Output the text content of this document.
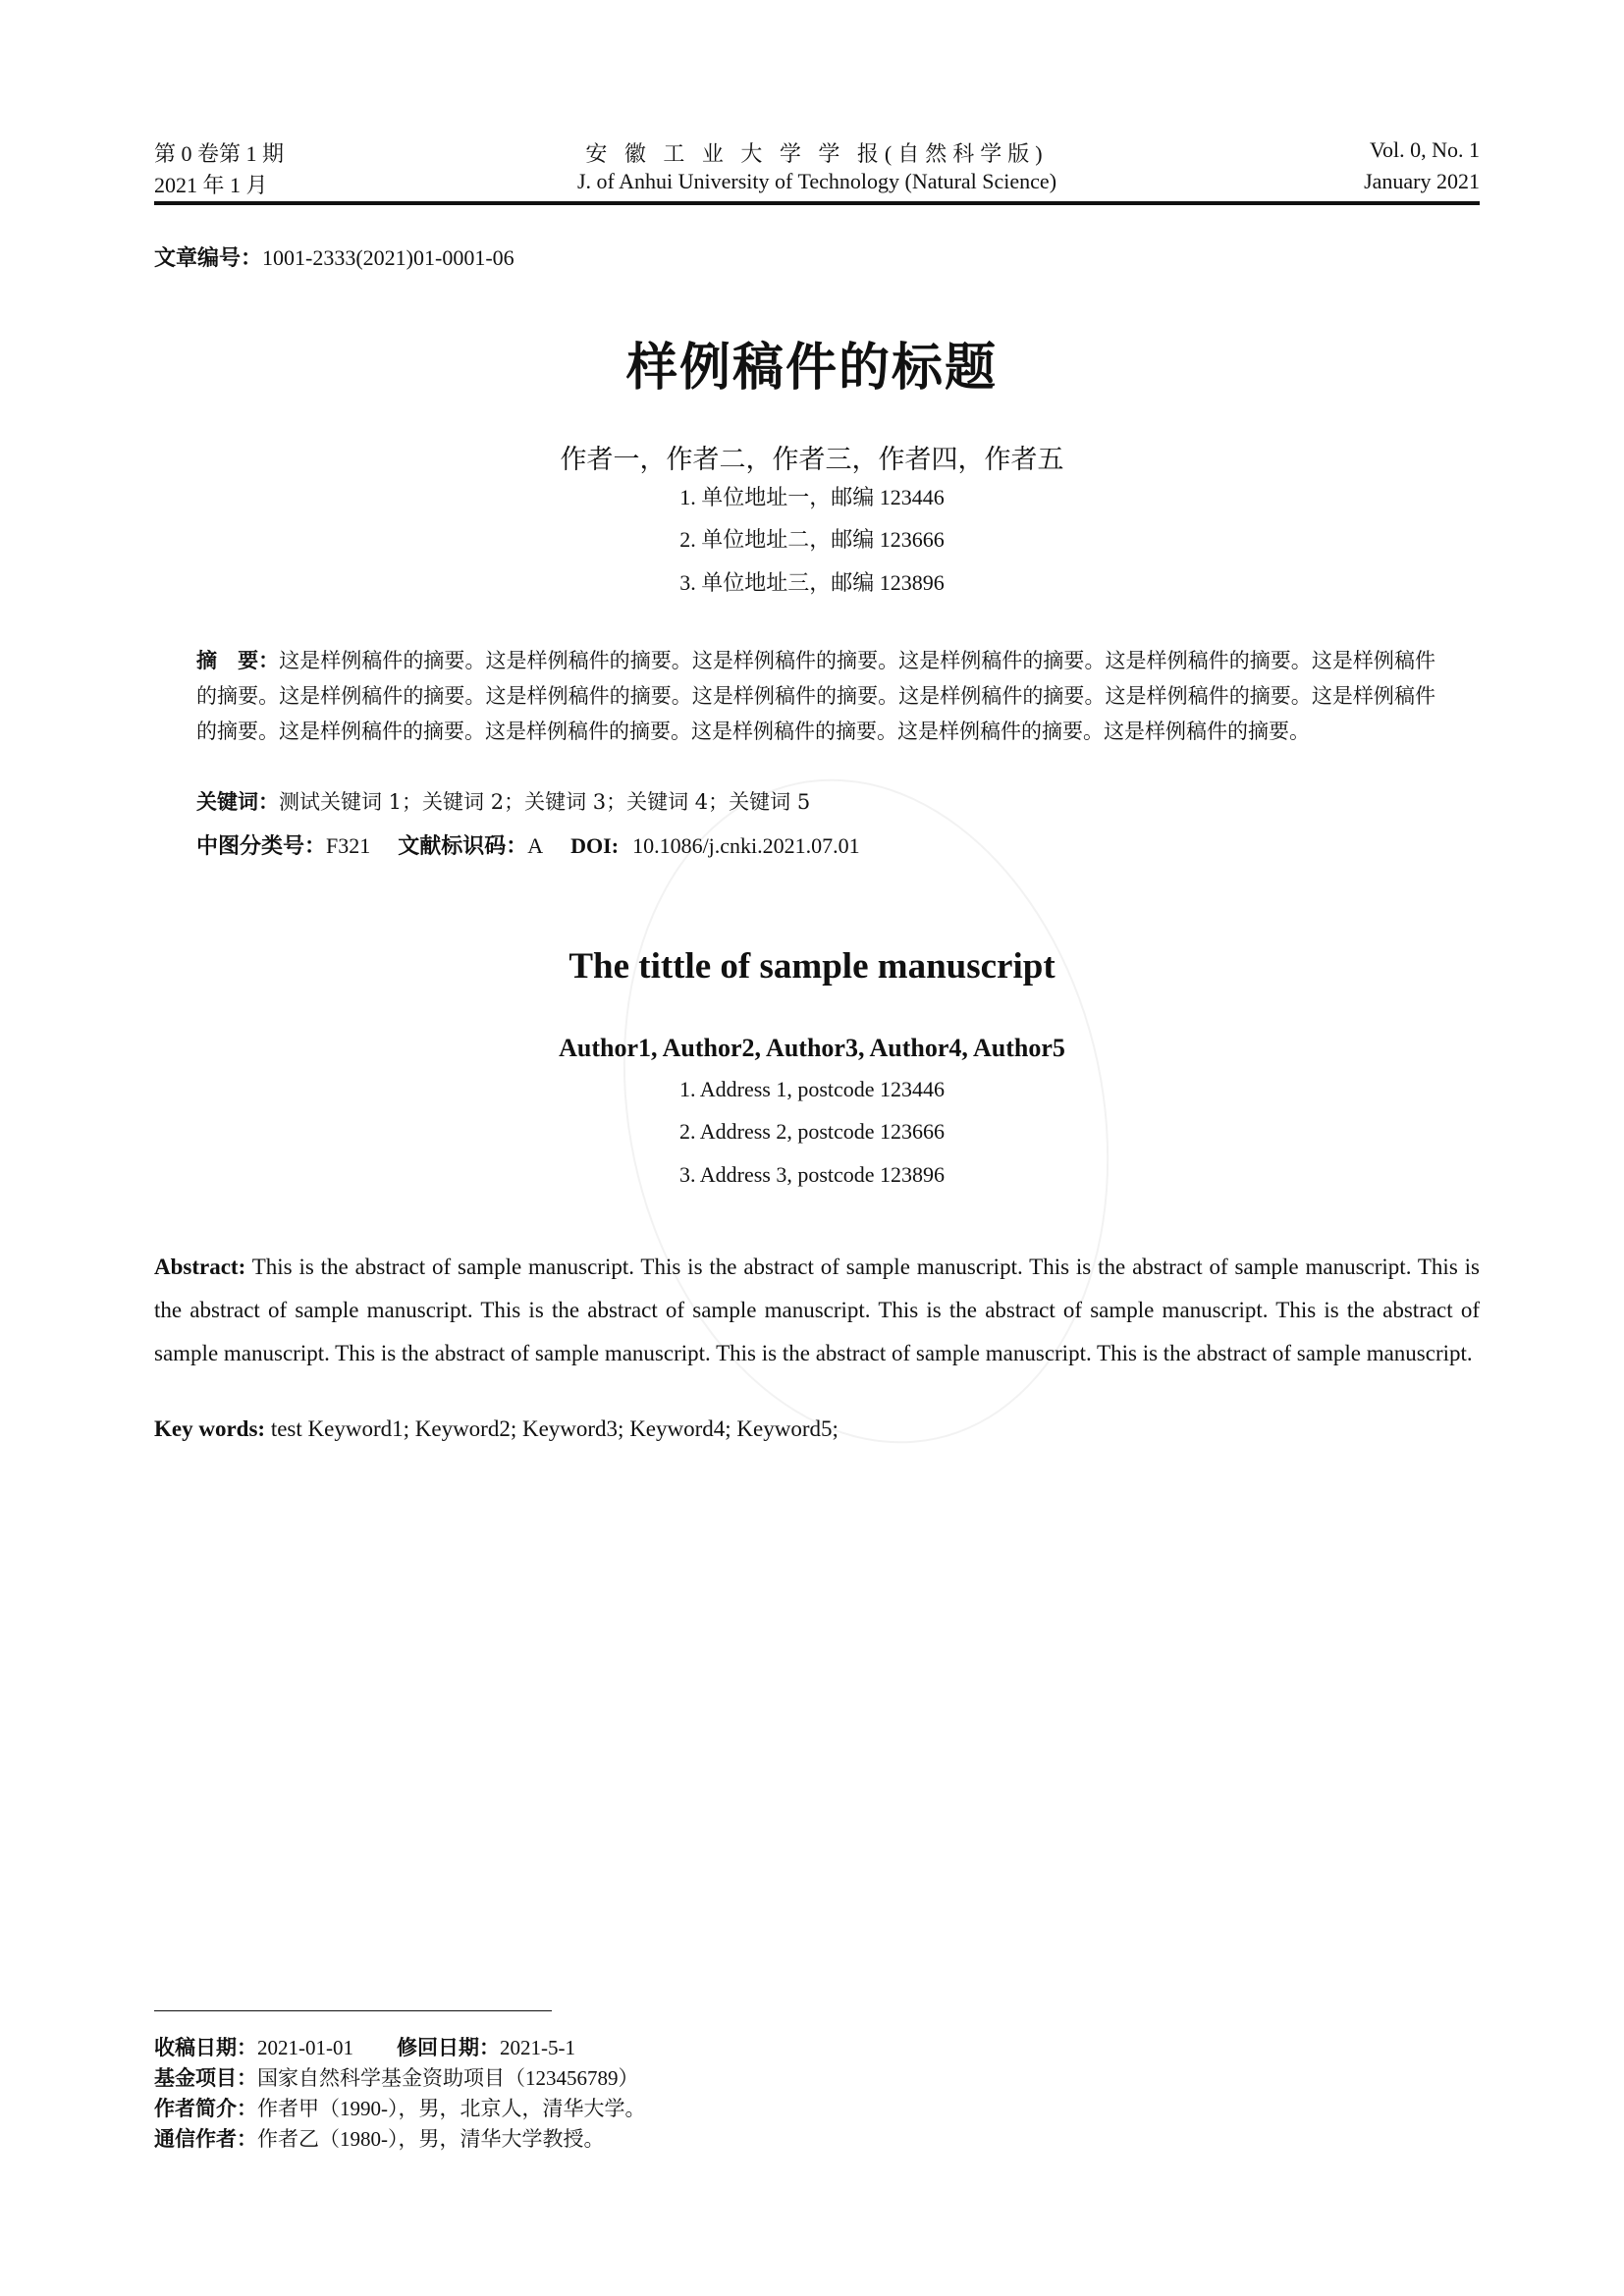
第 0 卷第 1 期	安 徽 工 业 大 学 学 报(自然科学版)	Vol. 0, No. 1
2021 年 1 月	J. of Anhui University of Technology (Natural Science)	January 2021
文章编号：1001-2333(2021)01-0001-06
样例稿件的标题
作者一，作者二，作者三，作者四，作者五
1. 单位地址一，邮编 123446
2. 单位地址二，邮编 123666
3. 单位地址三，邮编 123896
摘　要：这是样例稿件的摘要。这是样例稿件的摘要。这是样例稿件的摘要。这是样例稿件的摘要。这是样例稿件的摘要。这是样例稿件的摘要。这是样例稿件的摘要。这是样例稿件的摘要。这是样例稿件的摘要。这是样例稿件的摘要。这是样例稿件的摘要。这是样例稿件的摘要。这是样例稿件的摘要。这是样例稿件的摘要。这是样例稿件的摘要。这是样例稿件的摘要。这是样例稿件的摘要。
关键词：测试关键词 1；关键词 2；关键词 3；关键词 4；关键词 5
中图分类号：F321 文献标识码：A DOI: 10.1086/j.cnki.2021.07.01
The tittle of sample manuscript
Author1, Author2, Author3, Author4, Author5
1. Address 1, postcode 123446
2. Address 2, postcode 123666
3. Address 3, postcode 123896
Abstract: This is the abstract of sample manuscript. This is the abstract of sample manuscript. This is the abstract of sample manuscript. This is the abstract of sample manuscript. This is the abstract of sample manuscript. This is the abstract of sample manuscript. This is the abstract of sample manuscript. This is the abstract of sample manuscript. This is the abstract of sample manuscript. This is the abstract of sample manuscript.
Key words: test Keyword1; Keyword2; Keyword3; Keyword4; Keyword5;
收稿日期：2021-01-01 修回日期：2021-5-1
基金项目：国家自然科学基金资助项目（123456789）
作者简介：作者甲（1990-），男，北京人，清华大学。
通信作者：作者乙（1980-），男，清华大学教授。
